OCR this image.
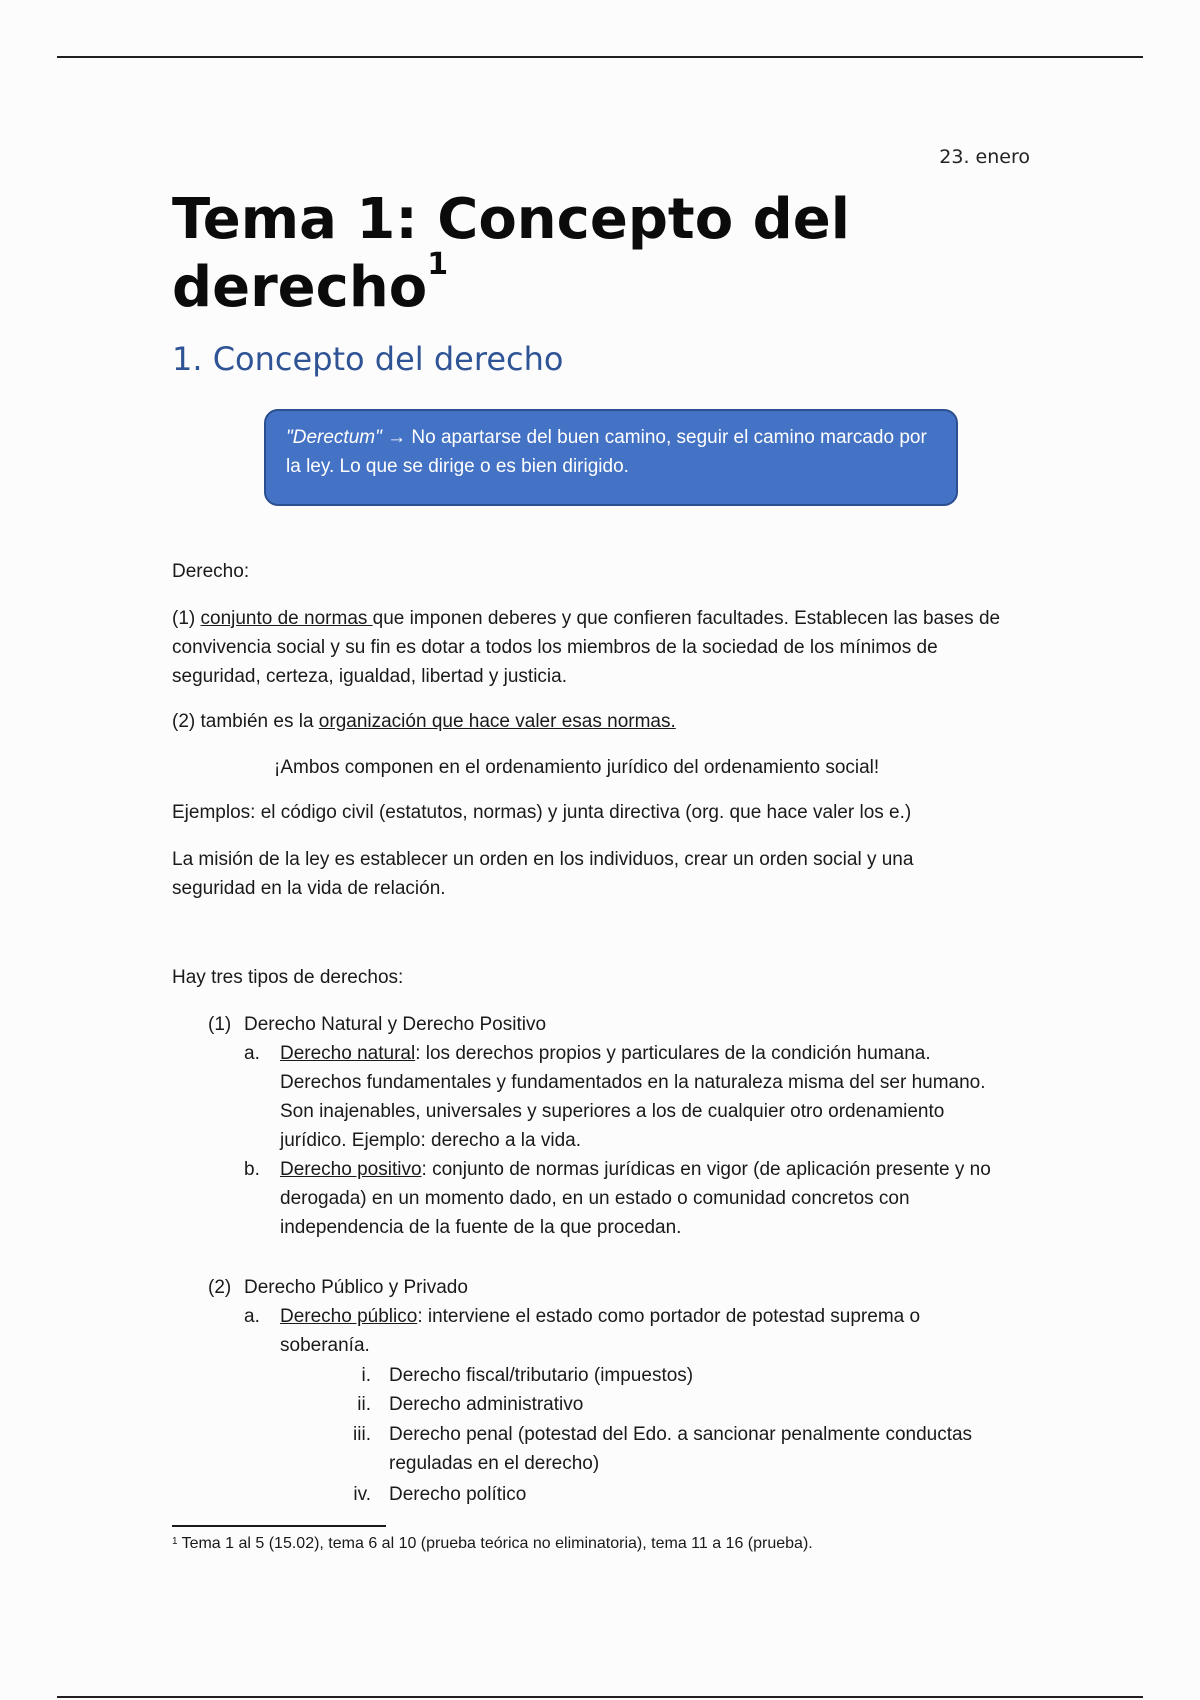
23. enero
Tema 1: Concepto del derecho$^1$
1. Concepto del derecho
"Derectum" → No apartarse del buen camino, seguir el camino marcado por la ley. Lo que se dirige o es bien dirigido.
Derecho:
(1) conjunto de normas que imponen deberes y que confieren facultades. Establecen las bases de convivencia social y su fin es dotar a todos los miembros de la sociedad de los mínimos de seguridad, certeza, igualdad, libertad y justicia.
(2) también es la organización que hace valer esas normas.
¡Ambos componen en el ordenamiento jurídico del ordenamiento social!
Ejemplos: el código civil (estatutos, normas) y junta directiva (org. que hace valer los e.)
La misión de la ley es establecer un orden en los individuos, crear un orden social y una seguridad en la vida de relación.
Hay tres tipos de derechos:
(1) Derecho Natural y Derecho Positivo
a. Derecho natural: los derechos propios y particulares de la condición humana. Derechos fundamentales y fundamentados en la naturaleza misma del ser humano. Son inajenables, universales y superiores a los de cualquier otro ordenamiento jurídico. Ejemplo: derecho a la vida.
b. Derecho positivo: conjunto de normas jurídicas en vigor (de aplicación presente y no derogada) en un momento dado, en un estado o comunidad concretos con independencia de la fuente de la que procedan.
(2) Derecho Público y Privado
a. Derecho público: interviene el estado como portador de potestad suprema o soberanía.
i. Derecho fiscal/tributario (impuestos)
ii. Derecho administrativo
iii. Derecho penal (potestad del Edo. a sancionar penalmente conductas reguladas en el derecho)
iv. Derecho político
$^1$ Tema 1 al 5 (15.02), tema 6 al 10 (prueba teórica no eliminatoria), tema 11 a 16 (prueba).
